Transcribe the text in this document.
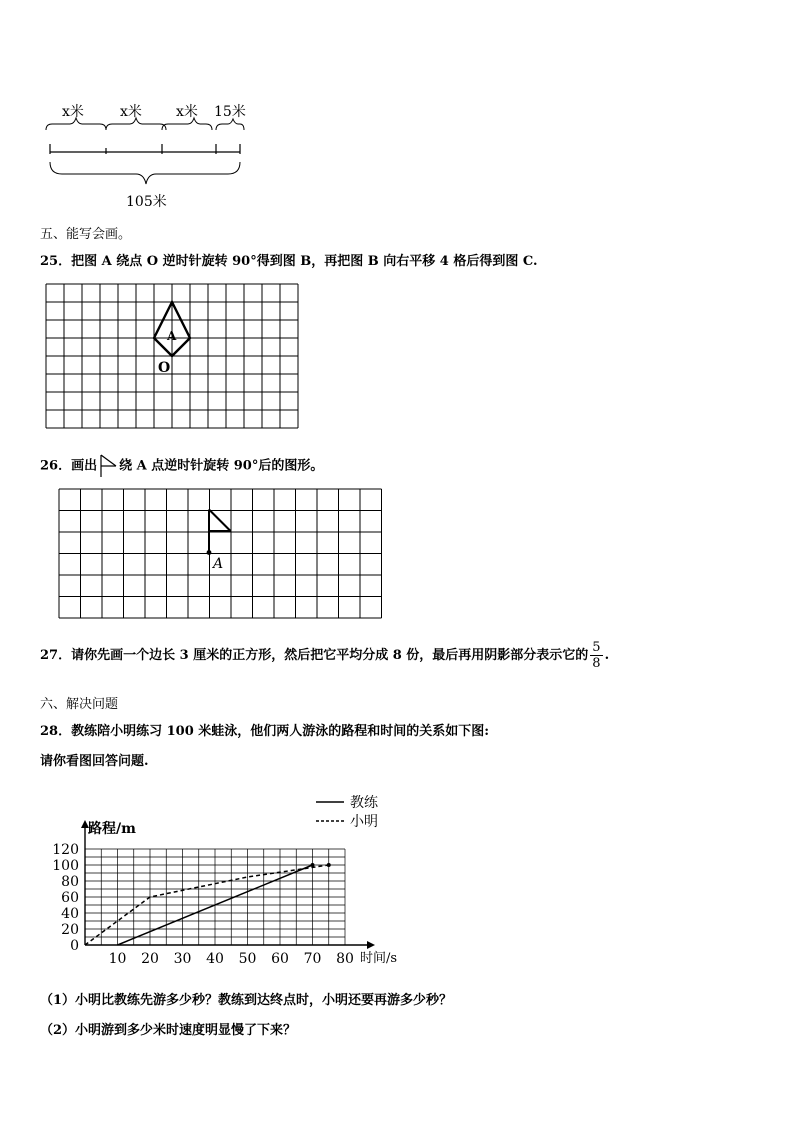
x米	x米 x米 15米
105米
五、能写会画。
25．把图 A 绕点 O 逆时针旋转 90°得到图 B，再把图 B 向右平移 4 格后得到图 C.
A
O
26．画出 绕 A 点逆时针旋转 90°后的图形。
A
27．请你先画一个边长 3 厘米的正方形，然后把它平均分成 8 份，最后再用阴影部分表示它的 $\frac{5}{8}$ .
六、解决问题
28．教练陪小明练习 100 米蛙泳，他们两人游泳的路程和时间的关系如下图:
请你看图回答问题.
10 20 30 40 50 60 70 80
0
20
40
60
80
100
120
路程/m
时间/s
教练
小明
（1）小明比教练先游多少秒？教练到达终点时，小明还要再游多少秒？
（2）小明游到多少米时速度明显慢了下来？
